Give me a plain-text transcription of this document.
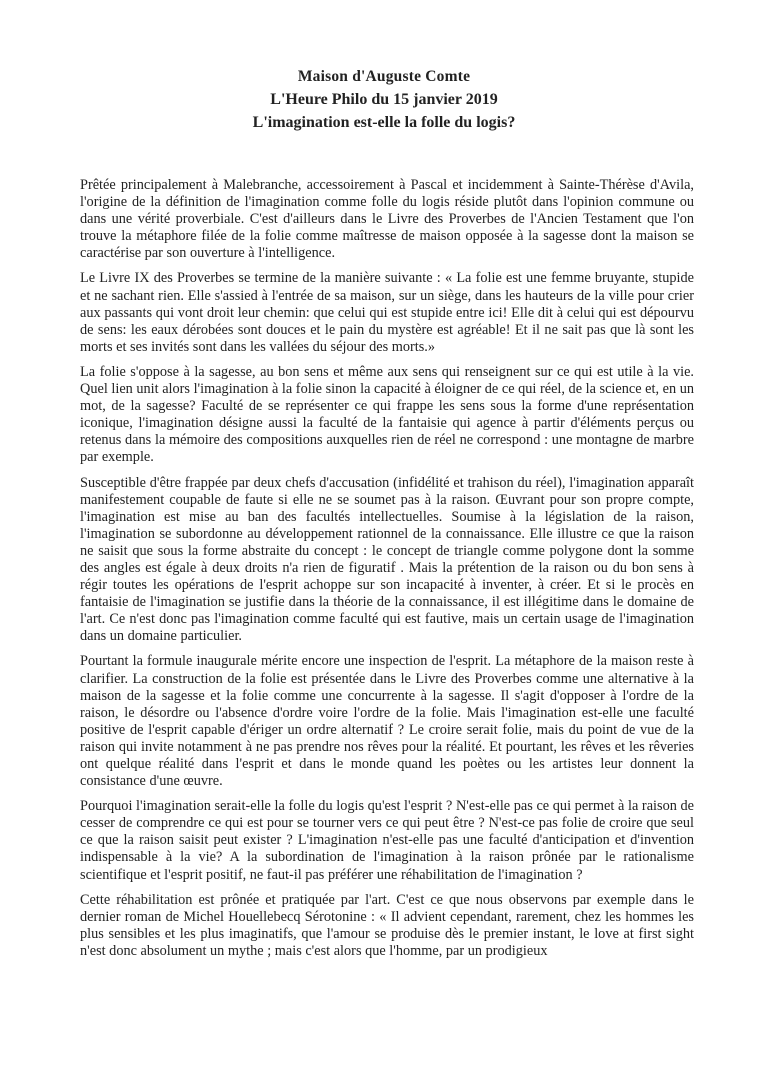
Maison d'Auguste Comte
L'Heure Philo du 15 janvier 2019
L'imagination est-elle la folle du logis?

Prêtée principalement à Malebranche, accessoirement à Pascal et incidemment à Sainte-Thérèse d'Avila, l'origine de la définition de l'imagination comme folle du logis réside plutôt dans l'opinion commune ou dans une vérité proverbiale. C'est d'ailleurs dans le Livre des Proverbes de l'Ancien Testament que l'on trouve la métaphore filée de la folie comme maîtresse de maison opposée à la sagesse dont la maison se caractérise par son ouverture à l'intelligence.

Le Livre IX des Proverbes se termine de la manière suivante : « La folie est une femme bruyante, stupide et ne sachant rien. Elle s'assied à l'entrée de sa maison, sur un siège, dans les hauteurs de la ville pour crier aux passants qui vont droit leur chemin: que celui qui est stupide entre ici! Elle dit à celui qui est dépourvu de sens: les eaux dérobées sont douces et le pain du mystère est agréable! Et il ne sait pas que là sont les morts et ses invités sont dans les vallées du séjour des morts.»

La folie s'oppose à la sagesse, au bon sens et même aux sens qui renseignent sur ce qui est utile à la vie. Quel lien unit alors l'imagination à la folie sinon la capacité à éloigner de ce qui réel, de la science et, en un mot, de la sagesse? Faculté de se représenter ce qui frappe les sens sous la forme d'une représentation iconique, l'imagination désigne aussi la faculté de la fantaisie qui agence à partir d'éléments perçus ou retenus dans la mémoire des compositions auxquelles rien de réel ne correspond : une montagne de marbre par exemple.

Susceptible d'être frappée par deux chefs d'accusation (infidélité et trahison du réel), l'imagination apparaît manifestement coupable de faute si elle ne se soumet pas à la raison. Œuvrant pour son propre compte, l'imagination est mise au ban des facultés intellectuelles. Soumise à la législation de la raison, l'imagination se subordonne au développement rationnel de la connaissance. Elle illustre ce que la raison ne saisit que sous la forme abstraite du concept : le concept de triangle comme polygone dont la somme des angles est égale à deux droits n'a rien de figuratif . Mais la prétention de la raison ou du bon sens à régir toutes les opérations de l'esprit achoppe sur son incapacité à inventer, à créer. Et si le procès en fantaisie de l'imagination se justifie dans la théorie de la connaissance, il est illégitime dans le domaine de l'art. Ce n'est donc pas l'imagination comme faculté qui est fautive, mais un certain usage de l'imagination dans un domaine particulier.

Pourtant la formule inaugurale mérite encore une inspection de l'esprit. La métaphore de la maison reste à clarifier. La construction de la folie est présentée dans le Livre des Proverbes comme une alternative à la maison de la sagesse et la folie comme une concurrente à la sagesse. Il s'agit d'opposer à l'ordre de la raison, le désordre ou l'absence d'ordre voire l'ordre de la folie. Mais l'imagination est-elle une faculté positive de l'esprit capable d'ériger un ordre alternatif ? Le croire serait folie, mais du point de vue de la raison qui invite notamment à ne pas prendre nos rêves pour la réalité. Et pourtant, les rêves et les rêveries ont quelque réalité dans l'esprit et dans le monde quand les poètes ou les artistes leur donnent la consistance d'une œuvre.

Pourquoi l'imagination serait-elle la folle du logis qu'est l'esprit ? N'est-elle pas ce qui permet à la raison de cesser de comprendre ce qui est pour se tourner vers ce qui peut être ? N'est-ce pas folie de croire que seul ce que la raison saisit peut exister ? L'imagination n'est-elle pas une faculté d'anticipation et d'invention indispensable à la vie? A la subordination de l'imagination à la raison prônée par le rationalisme scientifique et l'esprit positif, ne faut-il pas préférer une réhabilitation de l'imagination ?

Cette réhabilitation est prônée et pratiquée par l'art. C'est ce que nous observons par exemple dans le dernier roman de Michel Houellebecq Sérotonine : « Il advient cependant, rarement, chez les hommes les plus sensibles et les plus imaginatifs, que l'amour se produise dès le premier instant, le love at first sight n'est donc absolument un mythe ; mais c'est alors que l'homme, par un prodigieux
